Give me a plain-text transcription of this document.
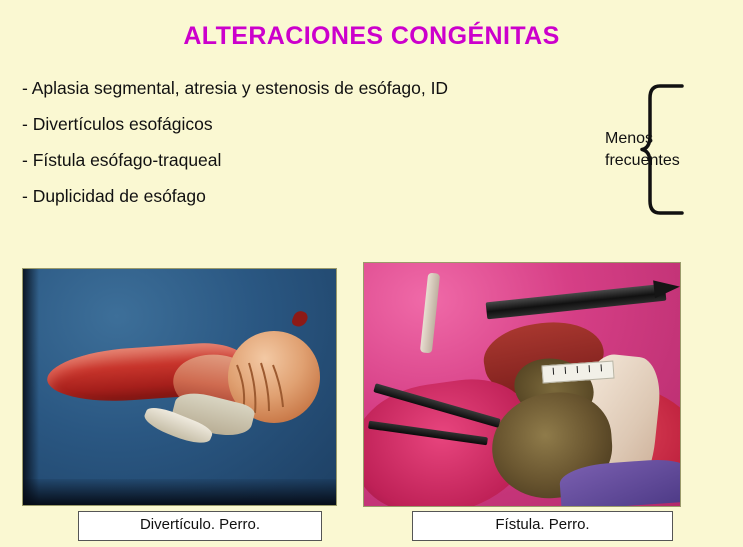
ALTERACIONES CONGÉNITAS
- Aplasia segmental, atresia y estenosis de esófago, ID
- Divertículos esofágicos
- Fístula esófago-traqueal
- Duplicidad de esófago
Menos
frecuentes
Divertículo. Perro.	Fístula. Perro.
